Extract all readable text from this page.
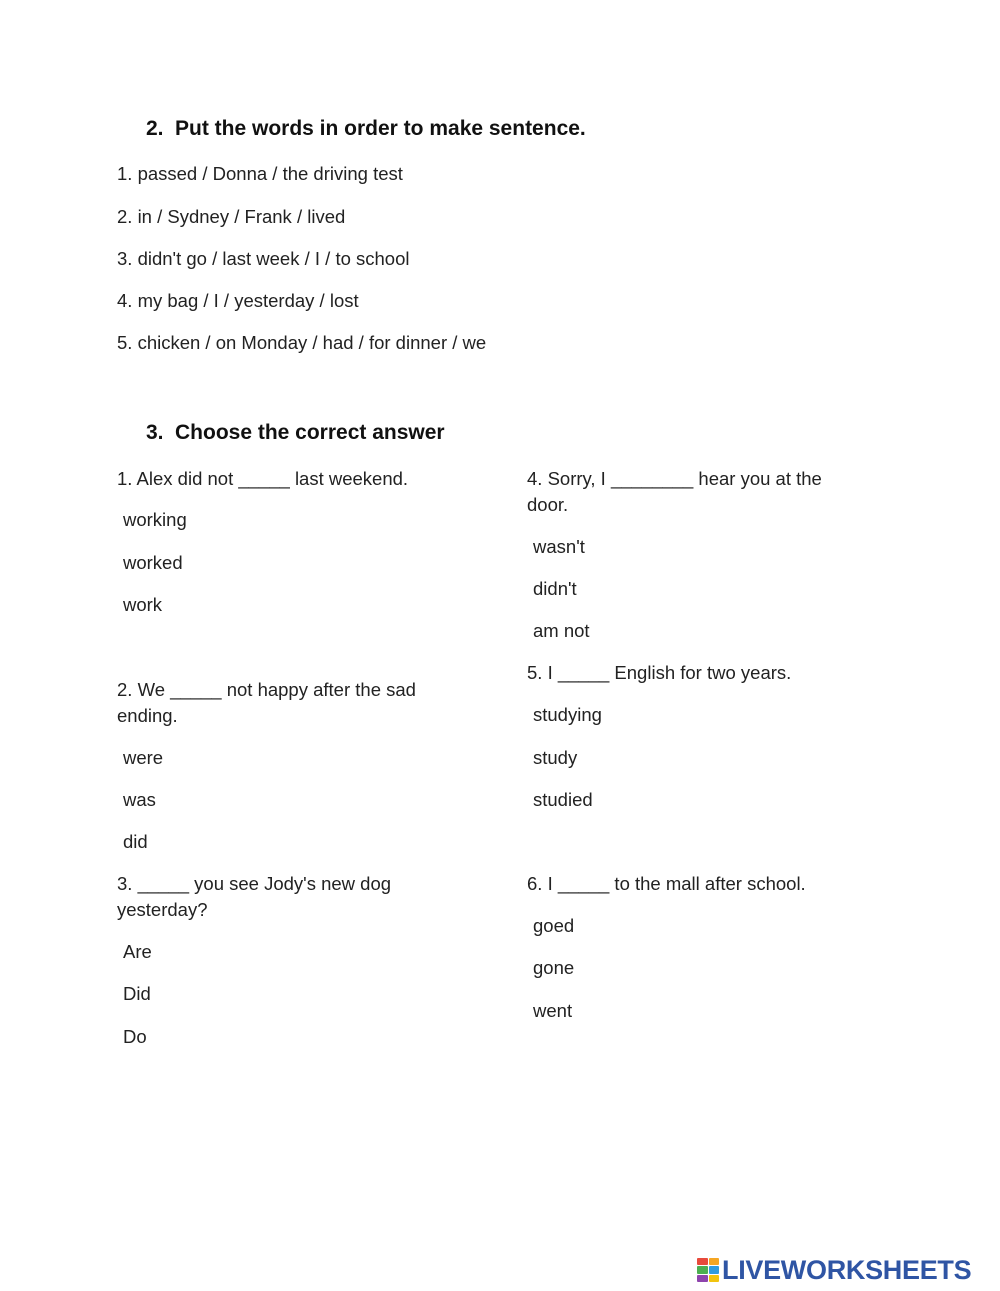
2. Put the words in order to make sentence.
1. passed / Donna / the driving test
2. in / Sydney / Frank / lived
3. didn't go / last week / I / to school
4. my bag / I / yesterday / lost
5. chicken / on Monday / had / for dinner / we
3. Choose the correct answer
1. Alex did not _____ last weekend.
working
worked
work
2. We _____ not happy after the sad ending.
were
was
did
3. _____ you see Jody's new dog yesterday?
Are
Did
Do
4. Sorry, I ________ hear you at the door.
wasn't
didn't
am not
5. I _____ English for two years.
studying
study
studied
6. I _____ to the mall after school.
goed
gone
went
LIVEWORKSHEETS
